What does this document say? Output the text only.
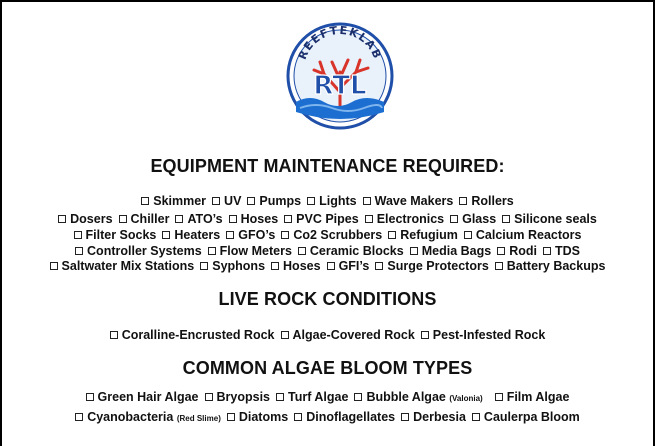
RTL
REEFTEKLAB
EQUIPMENT MAINTENANCE REQUIRED:
Skimmer UV Pumps Lights Wave Makers Rollers
Dosers Chiller ATO’s Hoses PVC Pipes Electronics Glass Silicone seals
Filter Socks Heaters GFO’s Co2 Scrubbers Refugium Calcium Reactors
Controller Systems Flow Meters Ceramic Blocks Media Bags Rodi TDS
Saltwater Mix Stations Syphons Hoses GFI’s Surge Protectors Battery Backups
LIVE ROCK CONDITIONS
Coralline-Encrusted Rock Algae-Covered Rock Pest-Infested Rock
COMMON ALGAE BLOOM TYPES
Green Hair Algae Bryopsis Turf Algae Bubble Algae (Valonia) Film Algae
Cyanobacteria (Red Slime) Diatoms Dinoflagellates Derbesia Caulerpa Bloom
